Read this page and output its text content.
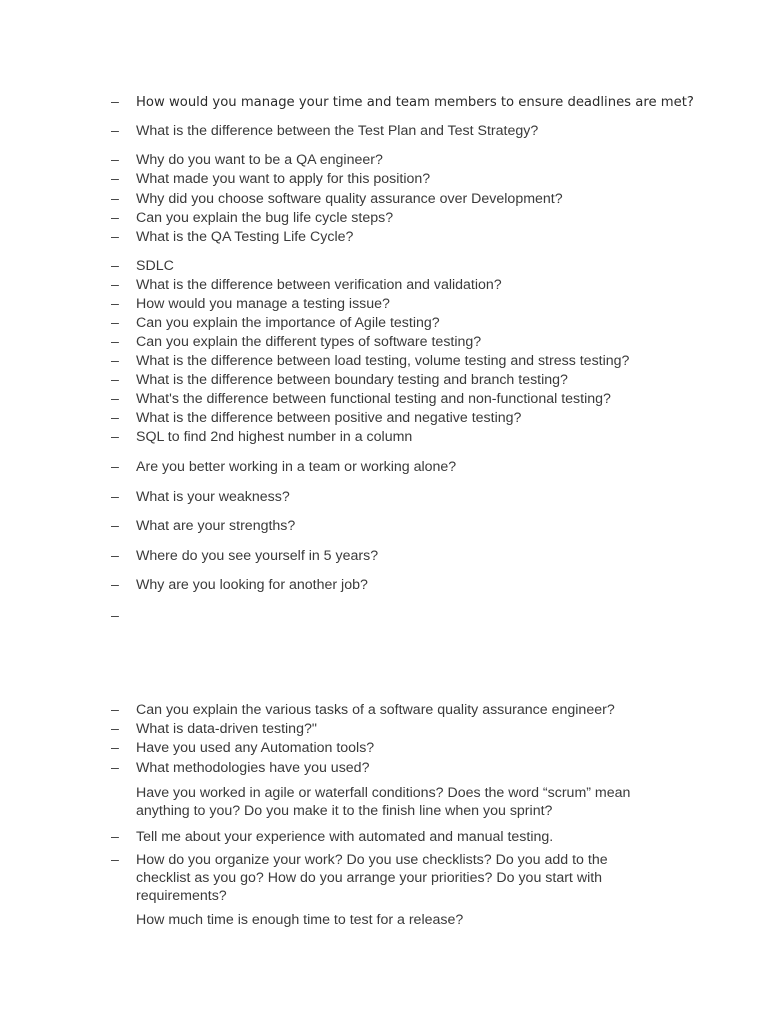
– How would you manage your time and team members to ensure deadlines are met?
– What is the difference between the Test Plan and Test Strategy?
– Why do you want to be a QA engineer?
– What made you want to apply for this position?
– Why did you choose software quality assurance over Development?
– Can you explain the bug life cycle steps?
– What is the QA Testing Life Cycle?
– SDLC
– What is the difference between verification and validation?
– How would you manage a testing issue?
– Can you explain the importance of Agile testing?
– Can you explain the different types of software testing?
– What is the difference between load testing, volume testing and stress testing?
– What is the difference between boundary testing and branch testing?
– What's the difference between functional testing and non-functional testing?
– What is the difference between positive and negative testing?
– SQL to find 2nd highest number in a column
– Are you better working in a team or working alone?
– What is your weakness?
– What are your strengths?
– Where do you see yourself in 5 years?
– Why are you looking for another job?
–
– Can you explain the various tasks of a software quality assurance engineer?
– What is data-driven testing?"
– Have you used any Automation tools?
– What methodologies have you used?
Have you worked in agile or waterfall conditions? Does the word “scrum” mean anything to you? Do you make it to the finish line when you sprint?
– Tell me about your experience with automated and manual testing.
– How do you organize your work? Do you use checklists? Do you add to the checklist as you go? How do you arrange your priorities? Do you start with requirements?
How much time is enough time to test for a release?
